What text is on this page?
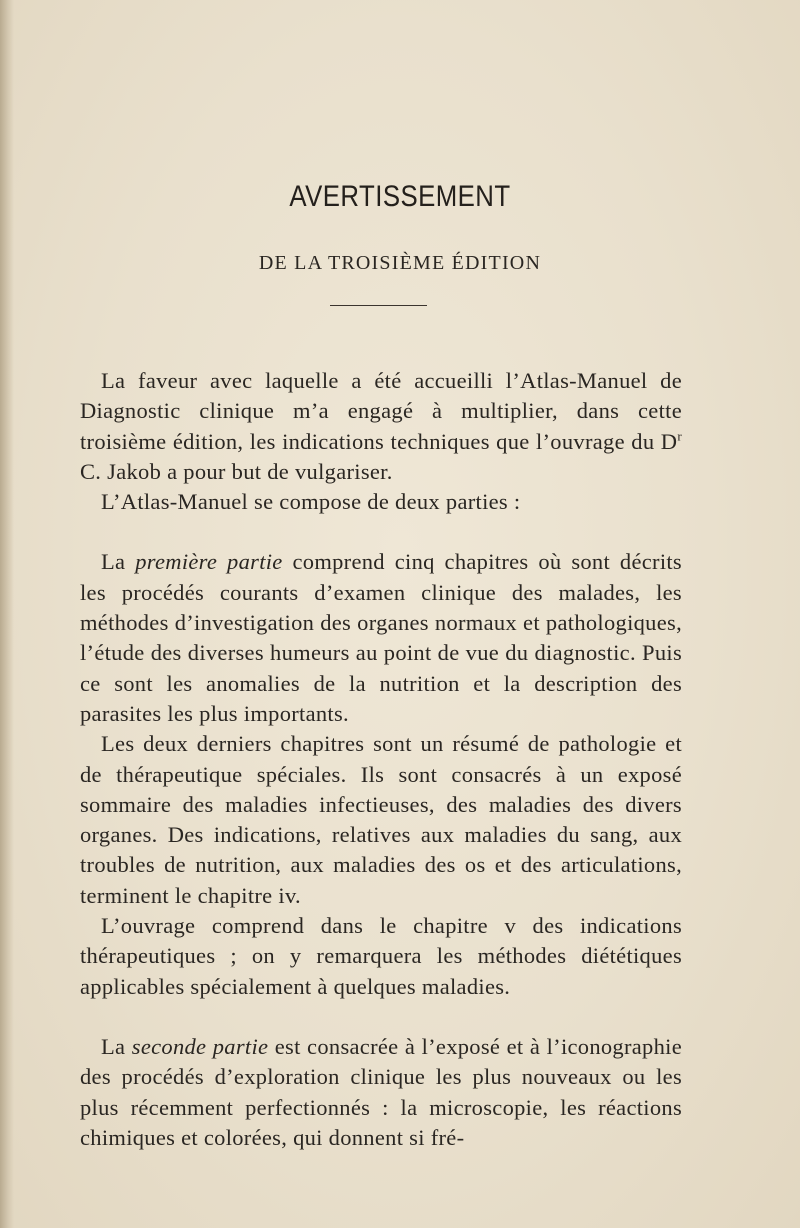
AVERTISSEMENT
DE LA TROISIÈME ÉDITION

La faveur avec laquelle a été accueilli l’Atlas-Manuel de Diagnostic clinique m’a engagé à multiplier, dans cette troisième édition, les indications techniques que l’ouvrage du $D^r$ C. Jakob a pour but de vulgariser.

L’Atlas-Manuel se compose de deux parties :

La première partie comprend cinq chapitres où sont décrits les procédés courants d’examen clinique des malades, les méthodes d’investigation des organes normaux et pathologiques, l’étude des diverses humeurs au point de vue du diagnostic. Puis ce sont les anomalies de la nutrition et la description des parasites les plus importants.

Les deux derniers chapitres sont un résumé de pathologie et de thérapeutique spéciales. Ils sont consacrés à un exposé sommaire des maladies infectieuses, des maladies des divers organes. Des indications, relatives aux maladies du sang, aux troubles de nutrition, aux maladies des os et des articulations, terminent le chapitre iv.

L’ouvrage comprend dans le chapitre v des indications thérapeutiques ; on y remarquera les méthodes diététiques applicables spécialement à quelques maladies.

La seconde partie est consacrée à l’exposé et à l’iconographie des procédés d’exploration clinique les plus nouveaux ou les plus récemment perfectionnés : la microscopie, les réactions chimiques et colorées, qui donnent si fré-
